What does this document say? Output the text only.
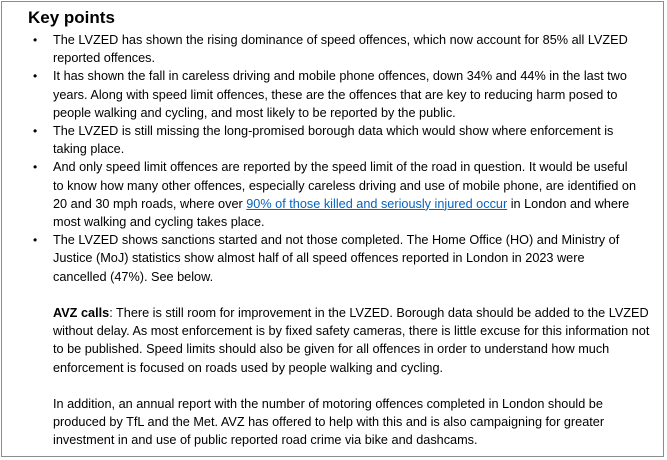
Key points
• The LVZED has shown the rising dominance of speed offences, which now account for 85% all LVZED reported offences.
• It has shown the fall in careless driving and mobile phone offences, down 34% and 44% in the last two years. Along with speed limit offences, these are the offences that are key to reducing harm posed to people walking and cycling, and most likely to be reported by the public.
• The LVZED is still missing the long-promised borough data which would show where enforcement is taking place.
• And only speed limit offences are reported by the speed limit of the road in question. It would be useful to know how many other offences, especially careless driving and use of mobile phone, are identified on 20 and 30 mph roads, where over 90% of those killed and seriously injured occur in London and where most walking and cycling takes place.
• The LVZED shows sanctions started and not those completed. The Home Office (HO) and Ministry of Justice (MoJ) statistics show almost half of all speed offences reported in London in 2023 were cancelled (47%). See below.

AVZ calls: There is still room for improvement in the LVZED. Borough data should be added to the LVZED without delay. As most enforcement is by fixed safety cameras, there is little excuse for this information not to be published. Speed limits should also be given for all offences in order to understand how much enforcement is focused on roads used by people walking and cycling.

In addition, an annual report with the number of motoring offences completed in London should be produced by TfL and the Met. AVZ has offered to help with this and is also campaigning for greater investment in and use of public reported road crime via bike and dashcams.
